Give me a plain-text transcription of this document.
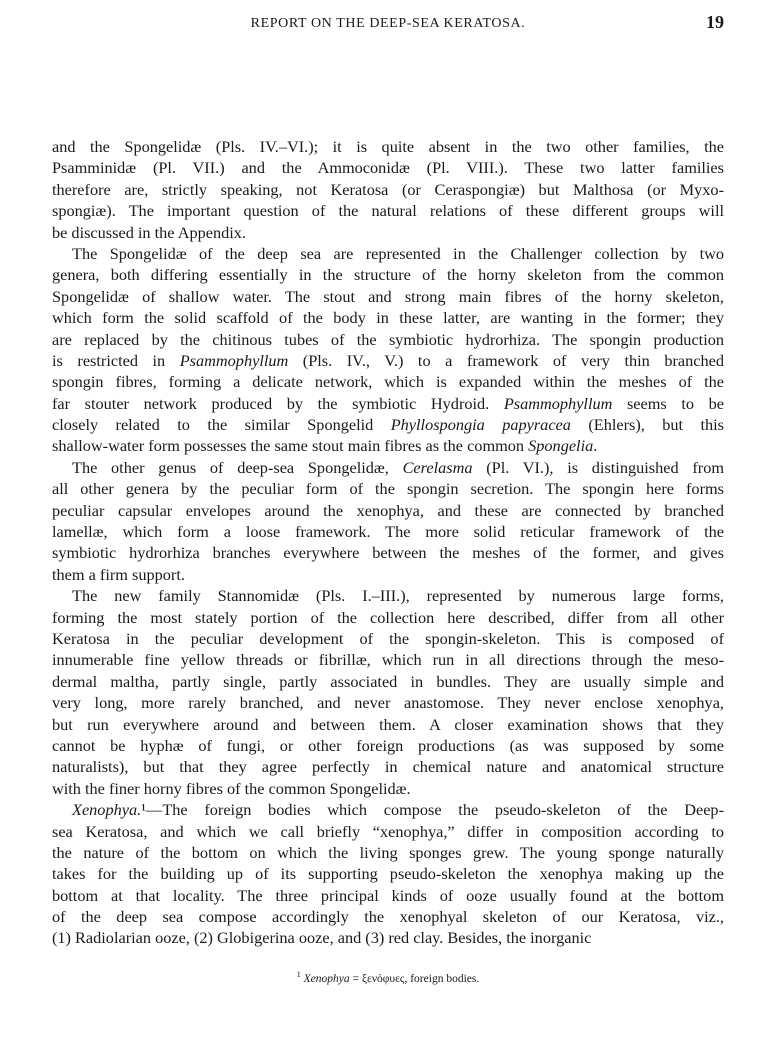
REPORT ON THE DEEP-SEA KERATOSA.	19
and the Spongelidæ (Pls. IV.–VI.); it is quite absent in the two other families, the
Psamminidæ (Pl. VII.) and the Ammoconidæ (Pl. VIII.). These two latter families
therefore are, strictly speaking, not Keratosa (or Ceraspongiæ) but Malthosa (or Myxo-
spongiæ). The important question of the natural relations of these different groups will
be discussed in the Appendix.
The Spongelidæ of the deep sea are represented in the Challenger collection by two
genera, both differing essentially in the structure of the horny skeleton from the common
Spongelidæ of shallow water. The stout and strong main fibres of the horny skeleton,
which form the solid scaffold of the body in these latter, are wanting in the former; they
are replaced by the chitinous tubes of the symbiotic hydrorhiza. The spongin production
is restricted in Psammophyllum (Pls. IV., V.) to a framework of very thin branched
spongin fibres, forming a delicate network, which is expanded within the meshes of the
far stouter network produced by the symbiotic Hydroid. Psammophyllum seems to be
closely related to the similar Spongelid Phyllospongia papyracea (Ehlers), but this
shallow-water form possesses the same stout main fibres as the common Spongelia.
The other genus of deep-sea Spongelidæ, Cerelasma (Pl. VI.), is distinguished from
all other genera by the peculiar form of the spongin secretion. The spongin here forms
peculiar capsular envelopes around the xenophya, and these are connected by branched
lamellæ, which form a loose framework. The more solid reticular framework of the
symbiotic hydrorhiza branches everywhere between the meshes of the former, and gives
them a firm support.
The new family Stannomidæ (Pls. I.–III.), represented by numerous large forms,
forming the most stately portion of the collection here described, differ from all other
Keratosa in the peculiar development of the spongin-skeleton. This is composed of
innumerable fine yellow threads or fibrillæ, which run in all directions through the meso-
dermal maltha, partly single, partly associated in bundles. They are usually simple and
very long, more rarely branched, and never anastomose. They never enclose xenophya,
but run everywhere around and between them. A closer examination shows that they
cannot be hyphæ of fungi, or other foreign productions (as was supposed by some
naturalists), but that they agree perfectly in chemical nature and anatomical structure
with the finer horny fibres of the common Spongelidæ.
Xenophya.¹—The foreign bodies which compose the pseudo-skeleton of the Deep-
sea Keratosa, and which we call briefly “xenophya,” differ in composition according to
the nature of the bottom on which the living sponges grew. The young sponge naturally
takes for the building up of its supporting pseudo-skeleton the xenophya making up the
bottom at that locality. The three principal kinds of ooze usually found at the bottom
of the deep sea compose accordingly the xenophyal skeleton of our Keratosa, viz.,
(1) Radiolarian ooze, (2) Globigerina ooze, and (3) red clay. Besides, the inorganic
$^1$ Xenophya = ξενόφυες, foreign bodies.
